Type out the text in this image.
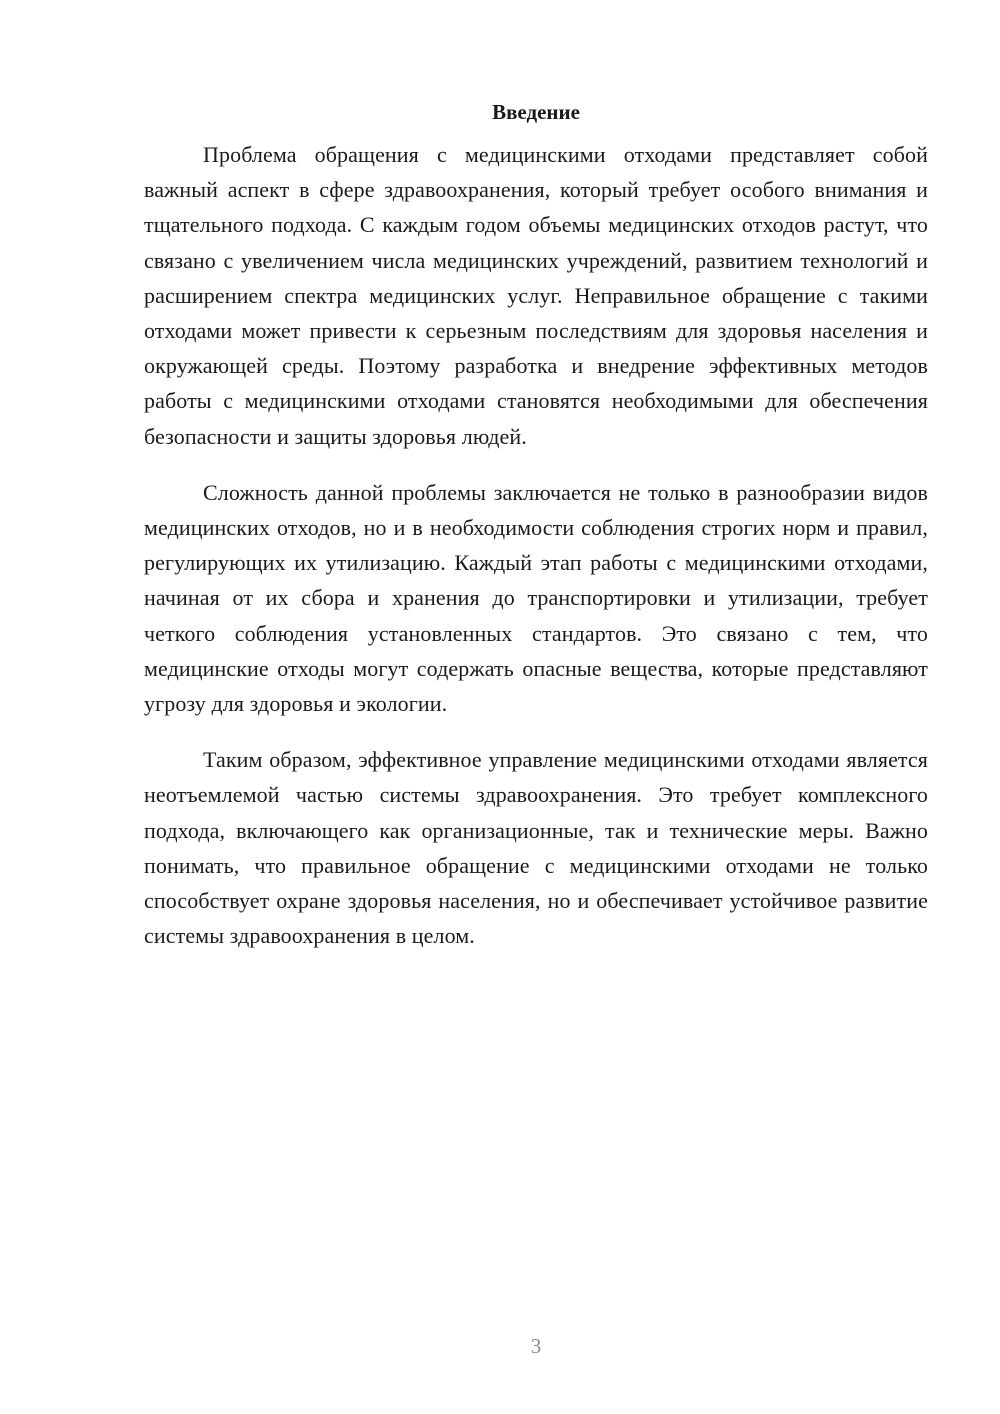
Введение

Проблема обращения с медицинскими отходами представляет собой важный аспект в сфере здравоохранения, который требует особого внимания и тщательного подхода. С каждым годом объемы медицинских отходов растут, что связано с увеличением числа медицинских учреждений, развитием технологий и расширением спектра медицинских услуг. Неправильное обращение с такими отходами может привести к серьезным последствиям для здоровья населения и окружающей среды. Поэтому разработка и внедрение эффективных методов работы с медицинскими отходами становятся необходимыми для обеспечения безопасности и защиты здоровья людей.

Сложность данной проблемы заключается не только в разнообразии видов медицинских отходов, но и в необходимости соблюдения строгих норм и правил, регулирующих их утилизацию. Каждый этап работы с медицинскими отходами, начиная от их сбора и хранения до транспортировки и утилизации, требует четкого соблюдения установленных стандартов. Это связано с тем, что медицинские отходы могут содержать опасные вещества, которые представляют угрозу для здоровья и экологии.

Таким образом, эффективное управление медицинскими отходами является неотъемлемой частью системы здравоохранения. Это требует комплексного подхода, включающего как организационные, так и технические меры. Важно понимать, что правильное обращение с медицинскими отходами не только способствует охране здоровья населения, но и обеспечивает устойчивое развитие системы здравоохранения в целом.

3
